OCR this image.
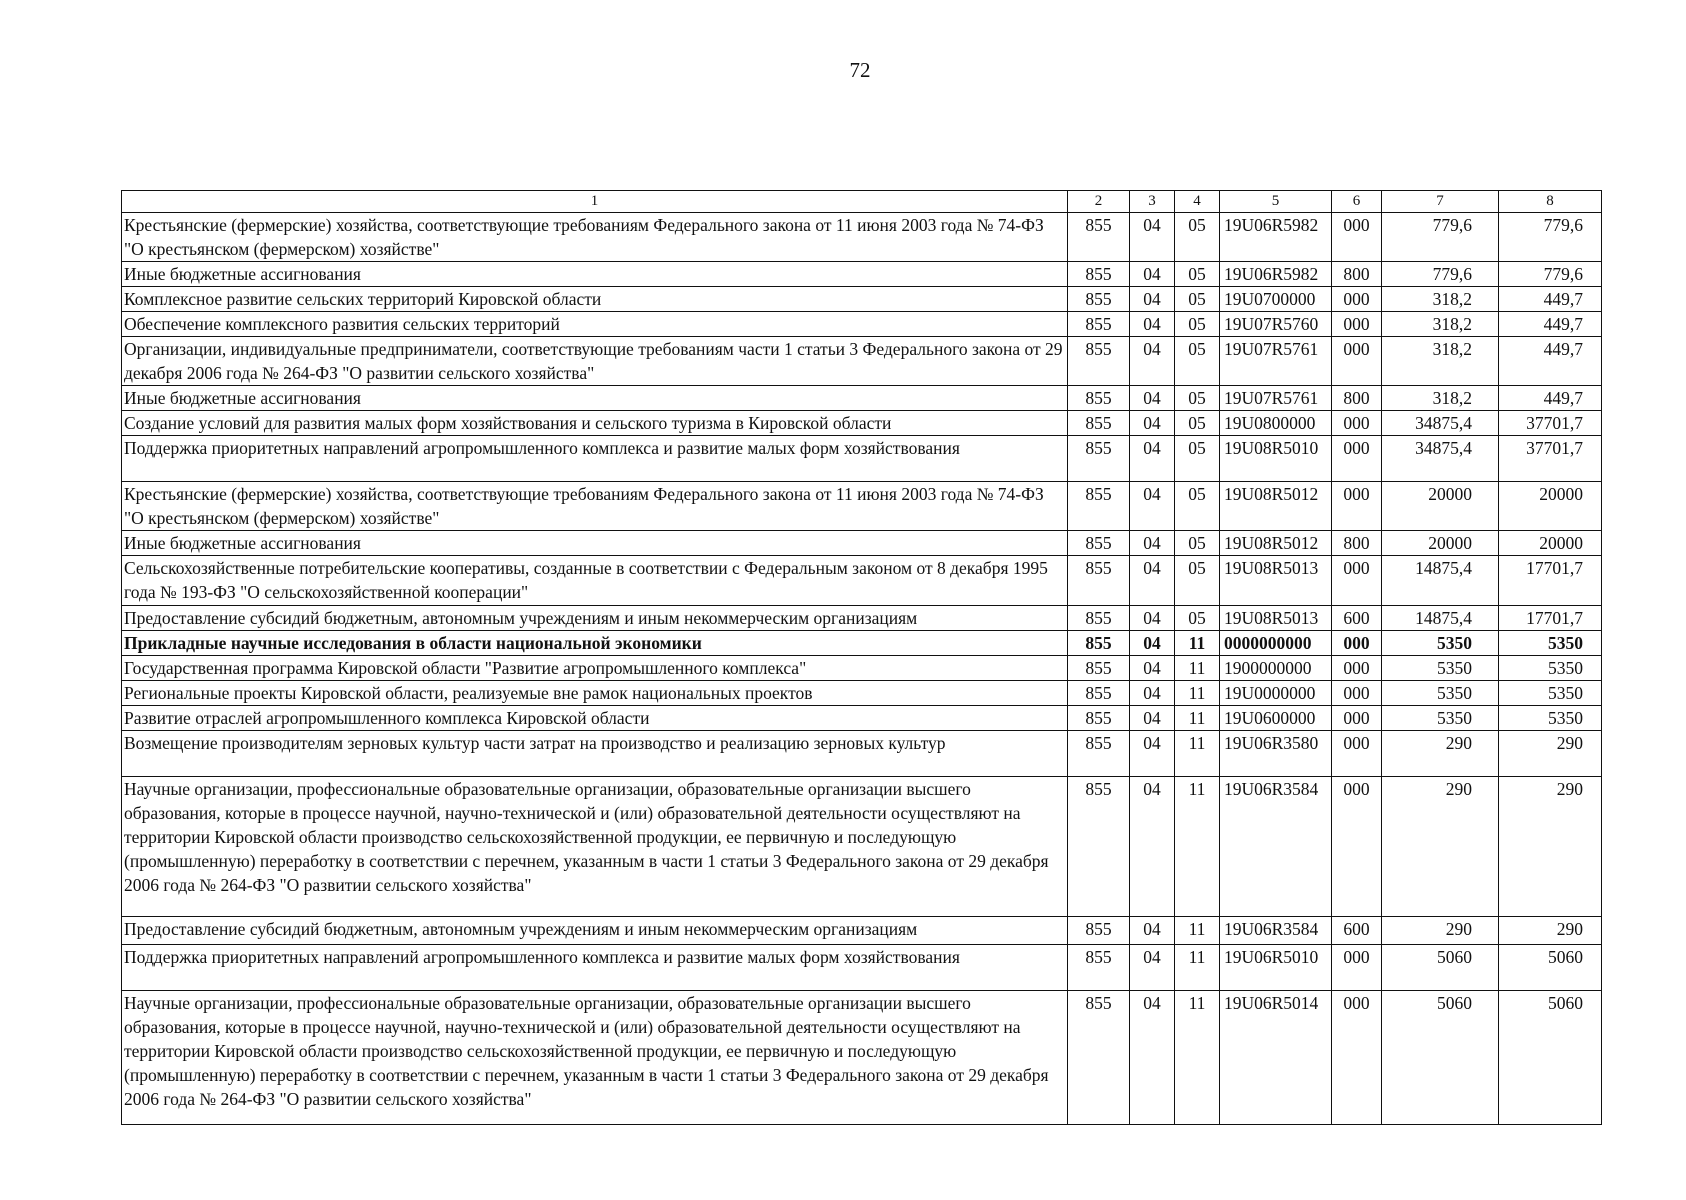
72
1	2	3	4	5	6	7	8
Крестьянские (фермерские) хозяйства, соответствующие требованиям Федерального закона от 11 июня 2003 года № 74-ФЗ "О крестьянском (фермерском) хозяйстве"	855	04	05	19U06R5982	000	779,6	779,6
Иные бюджетные ассигнования	855	04	05	19U06R5982	800	779,6	779,6
Комплексное развитие сельских территорий Кировской области	855	04	05	19U0700000	000	318,2	449,7
Обеспечение комплексного развития сельских территорий	855	04	05	19U07R5760	000	318,2	449,7
Организации, индивидуальные предприниматели, соответствующие требованиям части 1 статьи 3 Федерального закона от 29 декабря 2006 года № 264-ФЗ "О развитии сельского хозяйства"	855	04	05	19U07R5761	000	318,2	449,7
Иные бюджетные ассигнования	855	04	05	19U07R5761	800	318,2	449,7
Создание условий для развития малых форм хозяйствования и сельского туризма в Кировской области	855	04	05	19U0800000	000	34875,4	37701,7
Поддержка приоритетных направлений агропромышленного комплекса и развитие малых форм хозяйствования	855	04	05	19U08R5010	000	34875,4	37701,7
Крестьянские (фермерские) хозяйства, соответствующие требованиям Федерального закона от 11 июня 2003 года № 74-ФЗ "О крестьянском (фермерском) хозяйстве"	855	04	05	19U08R5012	000	20000	20000
Иные бюджетные ассигнования	855	04	05	19U08R5012	800	20000	20000
Сельскохозяйственные потребительские кооперативы, созданные в соответствии с Федеральным законом от 8 декабря 1995 года № 193-ФЗ "О сельскохозяйственной кооперации"	855	04	05	19U08R5013	000	14875,4	17701,7
Предоставление субсидий бюджетным, автономным учреждениям и иным некоммерческим организациям	855	04	05	19U08R5013	600	14875,4	17701,7
Прикладные научные исследования в области национальной экономики	855	04	11	0000000000	000	5350	5350
Государственная программа Кировской области "Развитие агропромышленного комплекса"	855	04	11	1900000000	000	5350	5350
Региональные проекты Кировской области, реализуемые вне рамок национальных проектов	855	04	11	19U0000000	000	5350	5350
Развитие отраслей агропромышленного комплекса Кировской области	855	04	11	19U0600000	000	5350	5350
Возмещение производителям зерновых культур части затрат на производство и реализацию зерновых культур	855	04	11	19U06R3580	000	290	290
Научные организации, профессиональные образовательные организации, образовательные организации высшего образования, которые в процессе научной, научно-технической и (или) образовательной деятельности осуществляют на территории Кировской области производство сельскохозяйственной продукции, ее первичную и последующую (промышленную) переработку в соответствии с перечнем, указанным в части 1 статьи 3 Федерального закона от 29 декабря 2006 года № 264-ФЗ "О развитии сельского хозяйства"	855	04	11	19U06R3584	000	290	290
Предоставление субсидий бюджетным, автономным учреждениям и иным некоммерческим организациям	855	04	11	19U06R3584	600	290	290
Поддержка приоритетных направлений агропромышленного комплекса и развитие малых форм хозяйствования	855	04	11	19U06R5010	000	5060	5060
Научные организации, профессиональные образовательные организации, образовательные организации высшего образования, которые в процессе научной, научно-технической и (или) образовательной деятельности осуществляют на территории Кировской области производство сельскохозяйственной продукции, ее первичную и последующую (промышленную) переработку в соответствии с перечнем, указанным в части 1 статьи 3 Федерального закона от 29 декабря 2006 года № 264-ФЗ "О развитии сельского хозяйства"	855	04	11	19U06R5014	000	5060	5060
